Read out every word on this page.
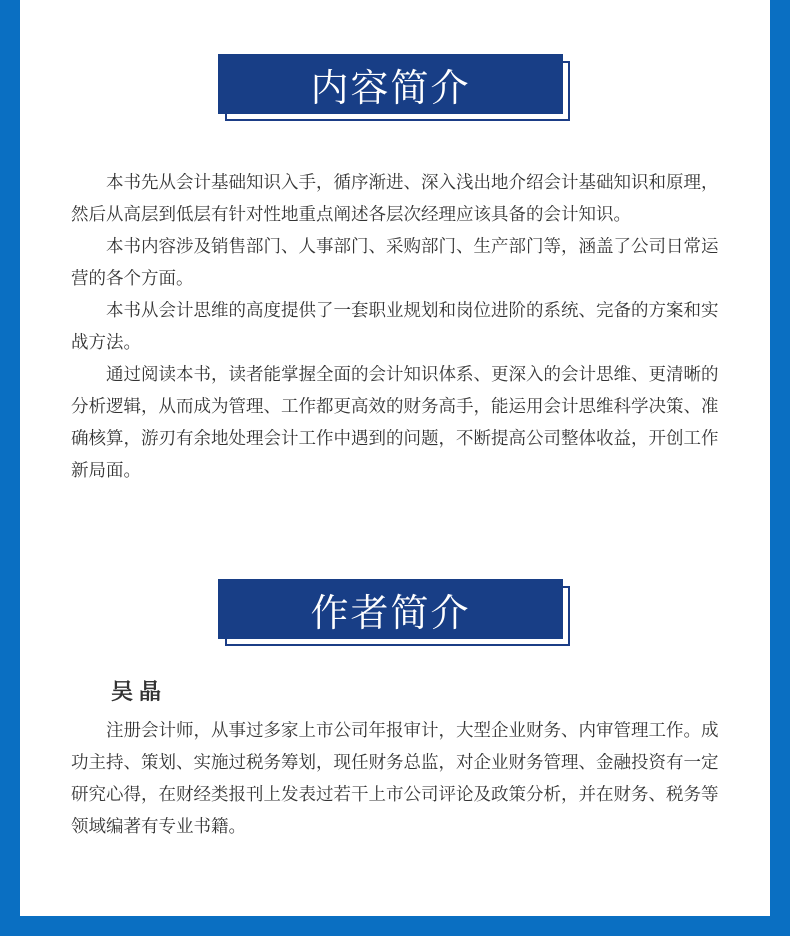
内容简介

本书先从会计基础知识入手，循序渐进、深入浅出地介绍会计基础知识和原理，然后从高层到低层有针对性地重点阐述各层次经理应该具备的会计知识。

本书内容涉及销售部门、人事部门、采购部门、生产部门等，涵盖了公司日常运营的各个方面。

本书从会计思维的高度提供了一套职业规划和岗位进阶的系统、完备的方案和实战方法。

通过阅读本书，读者能掌握全面的会计知识体系、更深入的会计思维、更清晰的分析逻辑，从而成为管理、工作都更高效的财务高手，能运用会计思维科学决策、准确核算，游刃有余地处理会计工作中遇到的问题，不断提高公司整体收益，开创工作新局面。

作者简介
吴晶

注册会计师，从事过多家上市公司年报审计，大型企业财务、内审管理工作。成功主持、策划、实施过税务筹划，现任财务总监，对企业财务管理、金融投资有一定研究心得，在财经类报刊上发表过若干上市公司评论及政策分析，并在财务、税务等领域编著有专业书籍。
